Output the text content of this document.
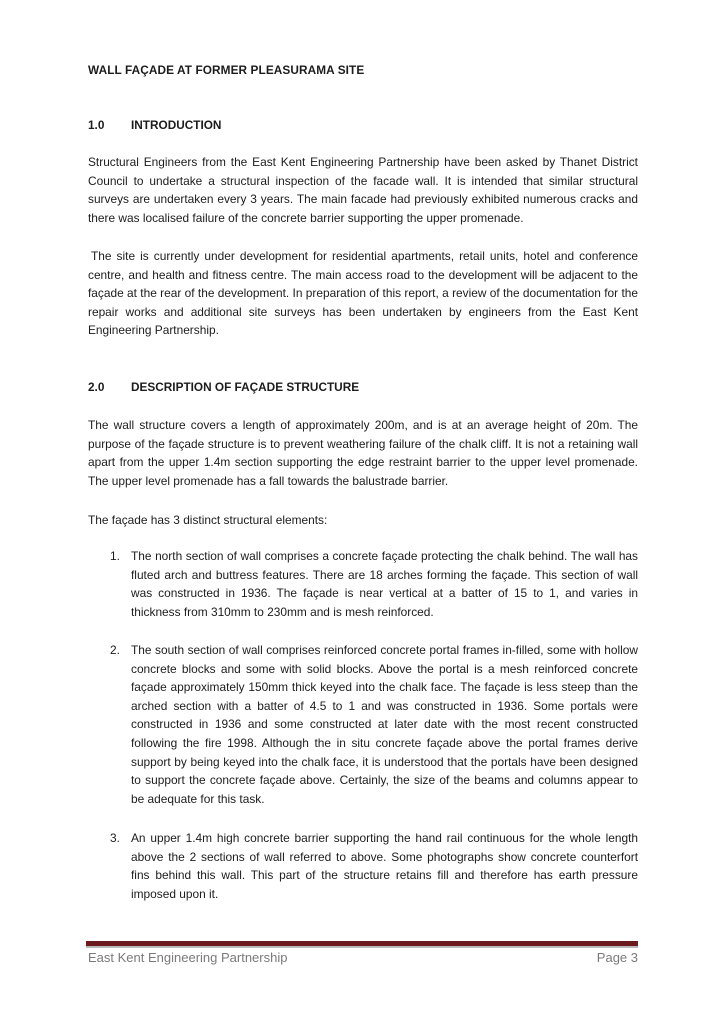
WALL FAÇADE AT FORMER PLEASURAMA SITE
1.0 INTRODUCTION

Structural Engineers from the East Kent Engineering Partnership have been asked by Thanet District Council to undertake a structural inspection of the facade wall. It is intended that similar structural surveys are undertaken every 3 years. The main facade had previously exhibited numerous cracks and there was localised failure of the concrete barrier supporting the upper promenade.

The site is currently under development for residential apartments, retail units, hotel and conference centre, and health and fitness centre. The main access road to the development will be adjacent to the façade at the rear of the development. In preparation of this report, a review of the documentation for the repair works and additional site surveys has been undertaken by engineers from the East Kent Engineering Partnership.

2.0 DESCRIPTION OF FAÇADE STRUCTURE

The wall structure covers a length of approximately 200m, and is at an average height of 20m. The purpose of the façade structure is to prevent weathering failure of the chalk cliff. It is not a retaining wall apart from the upper 1.4m section supporting the edge restraint barrier to the upper level promenade. The upper level promenade has a fall towards the balustrade barrier.

The façade has 3 distinct structural elements:

1. The north section of wall comprises a concrete façade protecting the chalk behind. The wall has fluted arch and buttress features. There are 18 arches forming the façade. This section of wall was constructed in 1936. The façade is near vertical at a batter of 15 to 1, and varies in thickness from 310mm to 230mm and is mesh reinforced.

2. The south section of wall comprises reinforced concrete portal frames in-filled, some with hollow concrete blocks and some with solid blocks. Above the portal is a mesh reinforced concrete façade approximately 150mm thick keyed into the chalk face. The façade is less steep than the arched section with a batter of 4.5 to 1 and was constructed in 1936. Some portals were constructed in 1936 and some constructed at later date with the most recent constructed following the fire 1998. Although the in situ concrete façade above the portal frames derive support by being keyed into the chalk face, it is understood that the portals have been designed to support the concrete façade above. Certainly, the size of the beams and columns appear to be adequate for this task.

3. An upper 1.4m high concrete barrier supporting the hand rail continuous for the whole length above the 2 sections of wall referred to above. Some photographs show concrete counterfort fins behind this wall. This part of the structure retains fill and therefore has earth pressure imposed upon it.

East Kent Engineering Partnership	Page 3
